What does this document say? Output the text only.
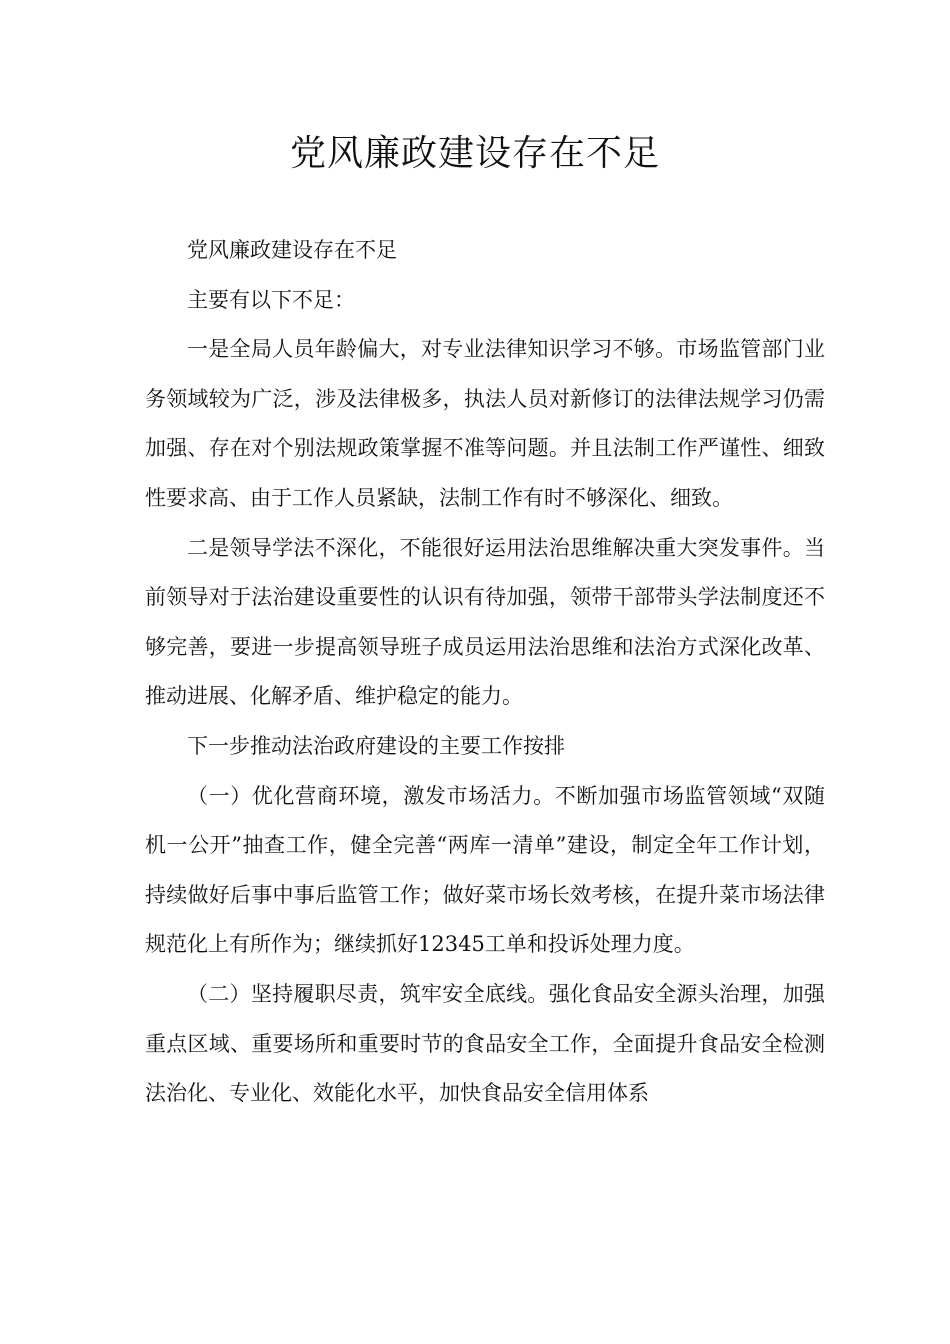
党风廉政建设存在不足

党风廉政建设存在不足

主要有以下不足：

一是全局人员年龄偏大，对专业法律知识学习不够。市场监管部门业务领域较为广泛，涉及法律极多，执法人员对新修订的法律法规学习仍需加强、存在对个别法规政策掌握不准等问题。并且法制工作严谨性、细致性要求高、由于工作人员紧缺，法制工作有时不够深化、细致。

二是领导学法不深化，不能很好运用法治思维解决重大突发事件。当前领导对于法治建设重要性的认识有待加强，领带干部带头学法制度还不够完善，要进一步提高领导班子成员运用法治思维和法治方式深化改革、推动进展、化解矛盾、维护稳定的能力。

下一步推动法治政府建设的主要工作按排

（一）优化营商环境，激发市场活力。不断加强市场监管领域“双随机一公开”抽查工作，健全完善“两库一清单”建设，制定全年工作计划，持续做好后事中事后监管工作；做好菜市场长效考核，在提升菜市场法律规范化上有所作为；继续抓好12345工单和投诉处理力度。

（二）坚持履职尽责，筑牢安全底线。强化食品安全源头治理，加强重点区域、重要场所和重要时节的食品安全工作，全面提升食品安全检测法治化、专业化、效能化水平，加快食品安全信用体系
